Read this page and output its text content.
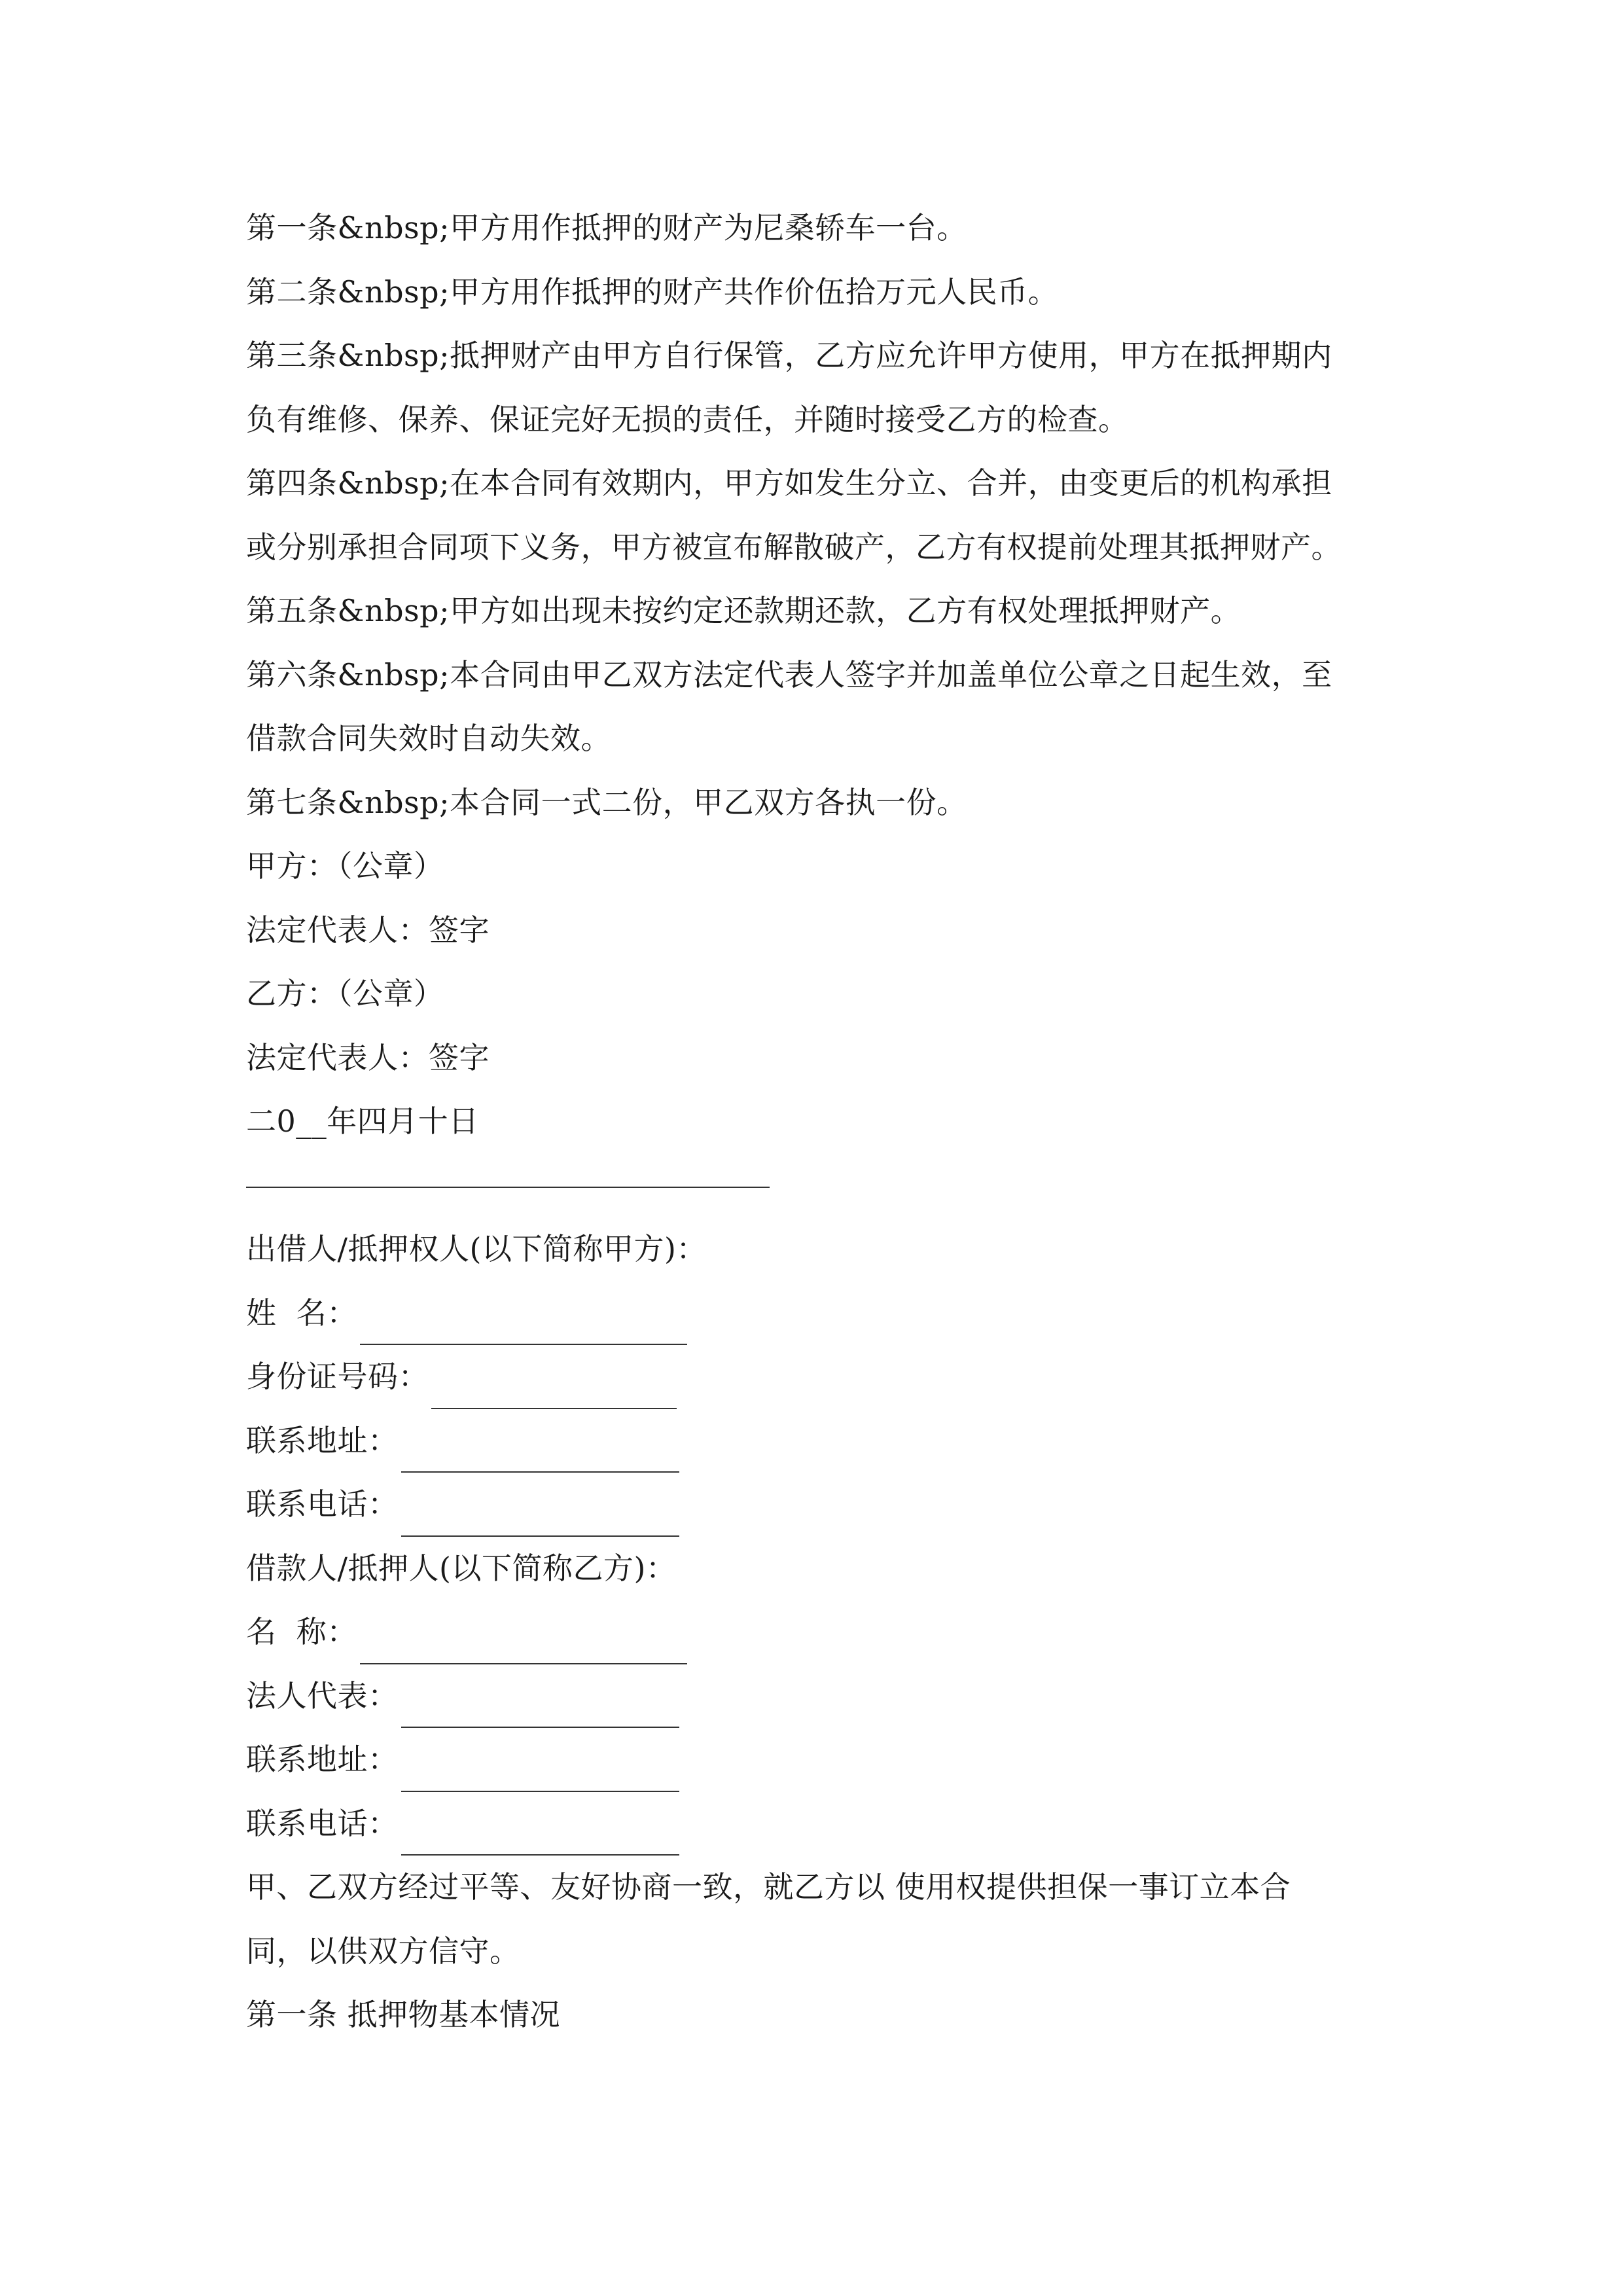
第一条&nbsp;甲方用作抵押的财产为尼桑轿车一台。
第二条&nbsp;甲方用作抵押的财产共作价伍拾万元人民币。
第三条&nbsp;抵押财产由甲方自行保管，乙方应允许甲方使用，甲方在抵押期内
负有维修、保养、保证完好无损的责任，并随时接受乙方的检查。
第四条&nbsp;在本合同有效期内，甲方如发生分立、合并，由变更后的机构承担
或分别承担合同项下义务，甲方被宣布解散破产，乙方有权提前处理其抵押财产。
第五条&nbsp;甲方如出现未按约定还款期还款，乙方有权处理抵押财产。
第六条&nbsp;本合同由甲乙双方法定代表人签字并加盖单位公章之日起生效，至
借款合同失效时自动失效。
第七条&nbsp;本合同一式二份，甲乙双方各执一份。
甲方：（公章）
法定代表人：签字
乙方：（公章）
法定代表人：签字
二0__年四月十日
出借人/抵押权人(以下简称甲方)：
姓  名：
身份证号码：
联系地址：
联系电话：
借款人/抵押人(以下简称乙方)：
名  称：
法人代表：
联系地址：
联系电话：
甲、乙双方经过平等、友好协商一致，就乙方以 使用权提供担保一事订立本合
同，以供双方信守。
第一条 抵押物基本情况
